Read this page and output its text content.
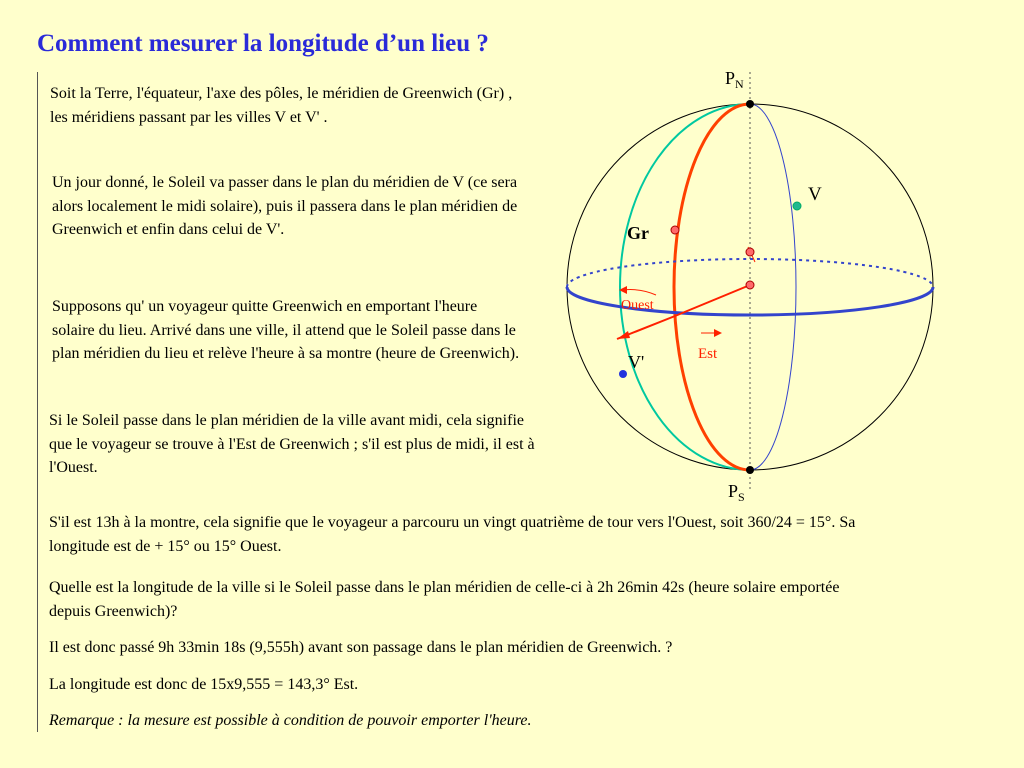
Comment mesurer la longitude d’un lieu ?
Soit la Terre, l'équateur, l'axe des pôles, le méridien de Greenwich (Gr) , les méridiens passant par les villes V et V' .
Un jour donné, le Soleil va passer dans le plan du méridien de V (ce sera alors localement le midi solaire), puis il passera dans le plan méridien de Greenwich et enfin dans celui de V'.
Supposons qu' un voyageur quitte Greenwich en emportant l'heure solaire du lieu. Arrivé dans une ville, il attend que le Soleil passe dans le plan méridien du lieu et relève l'heure à sa montre (heure de Greenwich).
Si le Soleil passe dans le plan méridien de la ville avant midi, cela signifie que le voyageur se trouve à l'Est de Greenwich ; s'il est plus de midi, il est à l'Ouest.
S'il est 13h à la montre, cela signifie que le voyageur a parcouru un vingt quatrième de tour vers l'Ouest, soit 360/24 = 15°. Sa longitude est de + 15° ou 15° Ouest.
Quelle est la longitude de la ville si le Soleil passe dans le plan méridien de celle-ci à 2h 26min 42s (heure solaire emportée depuis Greenwich)?
Il est donc passé 9h 33min 18s (9,555h) avant son passage dans le plan méridien de Greenwich. ?
La longitude est donc de 15x9,555 = 143,3° Est.
Remarque : la mesure est possible à condition de pouvoir emporter l'heure.
$P_N$
$P_S$
V
V'
Gr
Ouest
Est
